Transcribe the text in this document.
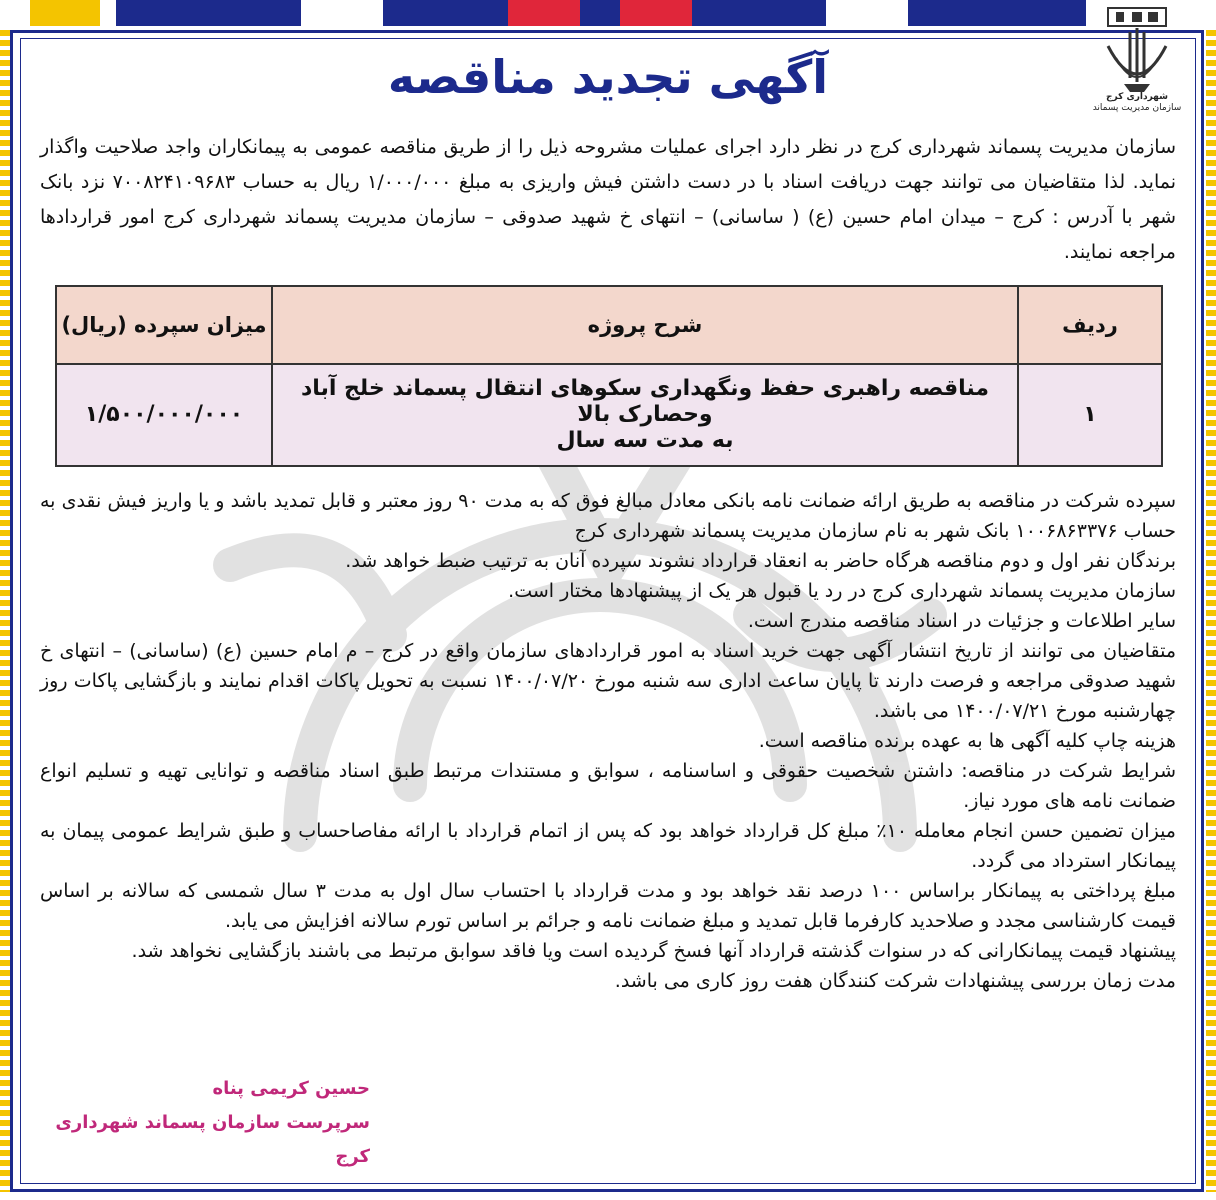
شهرداری کرج
سازمان مدیریت پسماند
آگهی تجدید مناقصه
سازمان مدیریت پسماند شهرداری کرج در نظر دارد اجرای عملیات مشروحه ذیل را از طریق مناقصه عمومی به پیمانکاران واجد صلاحیت واگذار نماید. لذا متقاضیان می توانند جهت دریافت اسناد با در دست داشتن فیش واریزی به مبلغ ۱/۰۰۰/۰۰۰ ریال به حساب ۷۰۰۸۲۴۱۰۹۶۸۳ نزد بانک شهر با آدرس : کرج – میدان امام حسین (ع) ( ساسانی) – انتهای خ شهید صدوقی – سازمان مدیریت پسماند شهرداری کرج امور قراردادها مراجعه نمایند.
ردیف	شرح پروژه	میزان سپرده (ریال)
۱	مناقصه راهبری حفظ ونگهداری سکوهای انتقال پسماند خلج آباد وحصارک بالا
به مدت سه سال	۱/۵۰۰/۰۰۰/۰۰۰

سپرده شرکت در مناقصه به طریق ارائه ضمانت نامه بانکی معادل مبالغ فوق که به مدت ۹۰ روز معتبر و قابل تمدید باشد و یا واریز فیش نقدی به حساب ۱۰۰۶۸۶۳۳۷۶ بانک شهر به نام سازمان مدیریت پسماند شهرداری کرج

برندگان نفر اول و دوم مناقصه هرگاه حاضر به انعقاد قرارداد نشوند سپرده آنان به ترتیب ضبط خواهد شد.

سازمان مدیریت پسماند شهرداری کرج در رد یا قبول هر یک از پیشنهادها مختار است.

سایر اطلاعات و جزئیات در اسناد مناقصه مندرج است.

متقاضیان می توانند از تاریخ انتشار آگهی جهت خرید اسناد به امور قراردادهای سازمان واقع در کرج – م امام حسین (ع) (ساسانی) – انتهای خ شهید صدوقی مراجعه و فرصت دارند تا پایان ساعت اداری سه شنبه مورخ ۱۴۰۰/۰۷/۲۰ نسبت به تحویل پاکات اقدام نمایند و بازگشایی پاکات روز چهارشنبه مورخ ۱۴۰۰/۰۷/۲۱ می باشد.

هزینه چاپ کلیه آگهی ها به عهده برنده مناقصه است.

شرایط شرکت در مناقصه: داشتن شخصیت حقوقی و اساسنامه ، سوابق و مستندات مرتبط طبق اسناد مناقصه و توانایی تهیه و تسلیم انواع ضمانت نامه های مورد نیاز.

میزان تضمین حسن انجام معامله ۱۰٪ مبلغ کل قرارداد خواهد بود که پس از اتمام قرارداد با ارائه مفاصاحساب و طبق شرایط عمومی پیمان به پیمانکار استرداد می گردد.

مبلغ پرداختی به پیمانکار براساس ۱۰۰ درصد نقد خواهد بود و مدت قرارداد با احتساب سال اول به مدت ۳ سال شمسی که سالانه بر اساس قیمت کارشناسی مجدد و صلاحدید کارفرما قابل تمدید و مبلغ ضمانت نامه و جرائم بر اساس تورم سالانه افزایش می یابد.

پیشنهاد قیمت پیمانکارانی که در سنوات گذشته قرارداد آنها فسخ گردیده است ویا فاقد سوابق مرتبط می باشند بازگشایی نخواهد شد.

مدت زمان بررسی پیشنهادات شرکت کنندگان هفت روز کاری می باشد.

حسین کریمی پناه
سرپرست سازمان پسماند شهرداری کرج
